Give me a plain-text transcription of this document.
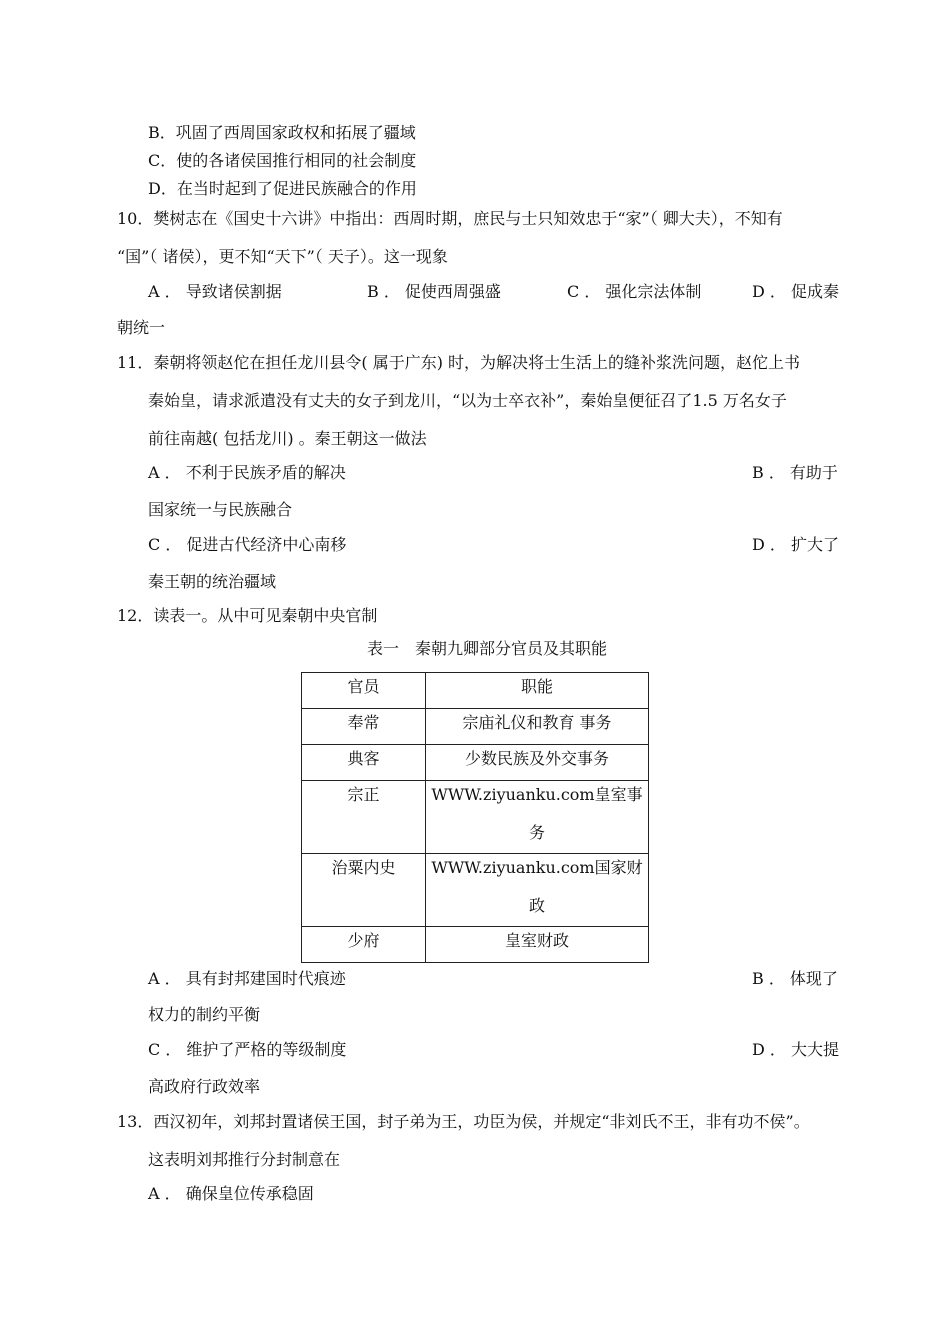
B．巩固了西周国家政权和拓展了疆域
C．使的各诸侯国推行相同的社会制度
D．在当时起到了促进民族融合的作用
10．樊树志在《国史十六讲》中指出：西周时期，庶民与士只知效忠于“家”（ 卿大夫），不知有
“国”（ 诸侯），更不知“天下”（ 天子）。这一现象
A ． 导致诸侯割据	B ． 促使西周强盛	C ． 强化宗法体制	D ． 促成秦
朝统一
11．秦朝将领赵佗在担任龙川县令( 属于广东) 时，为解决将士生活上的缝补浆洗问题，赵佗上书
秦始皇，请求派遣没有丈夫的女子到龙川，“以为士卒衣补”，秦始皇便征召了1.5 万名女子
前往南越( 包括龙川) 。秦王朝这一做法
A ． 不利于民族矛盾的解决	B ． 有助于
国家统一与民族融合
C ． 促进古代经济中心南移	D ． 扩大了
秦王朝的统治疆域
12．读表一。从中可见秦朝中央官制
表一　秦朝九卿部分官员及其职能
官员	职能

奉常	宗庙礼仪和教育 事务

典客	少数民族及外交事务

宗正	WWW.ziyuanku.com皇室事
务

治粟内史	WWW.ziyuanku.com国家财
政

少府	皇室财政
A ． 具有封邦建国时代痕迹	B ． 体现了
权力的制约平衡
C ． 维护了严格的等级制度	D ． 大大提
高政府行政效率
13．西汉初年，刘邦封置诸侯王国，封子弟为王，功臣为侯，并规定“非刘氏不王，非有功不侯”。
这表明刘邦推行分封制意在
A ． 确保皇位传承稳固
